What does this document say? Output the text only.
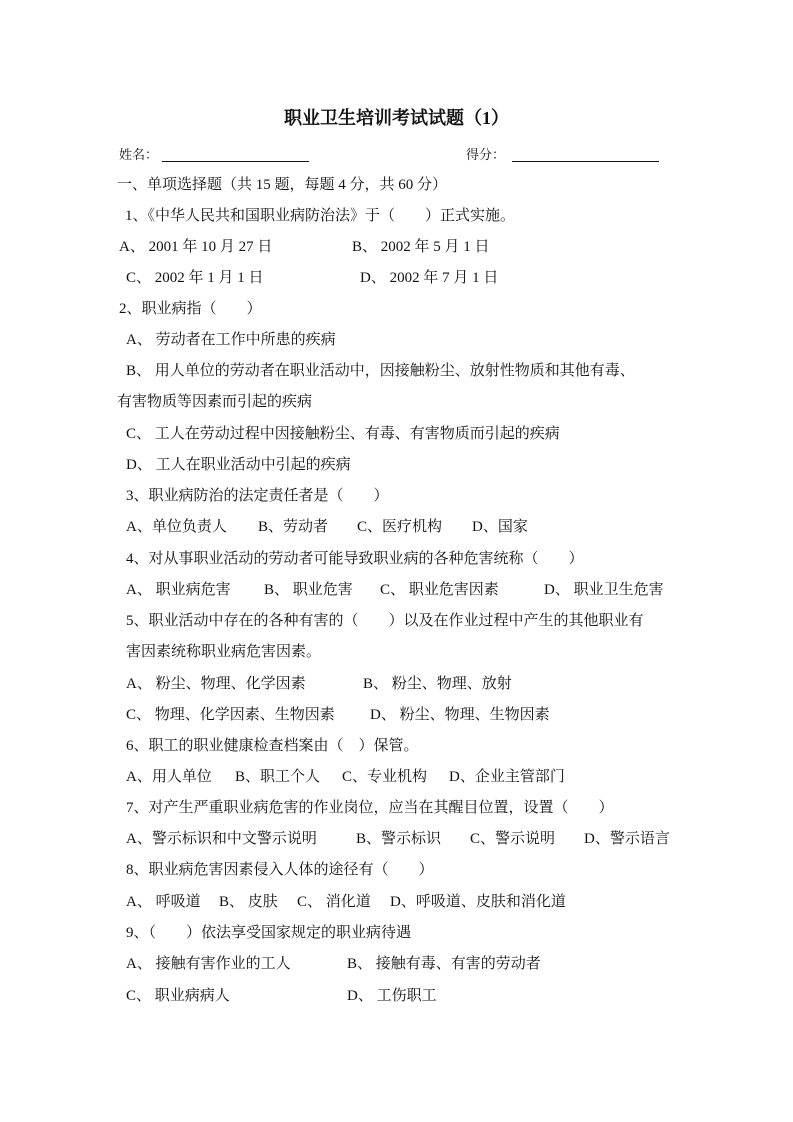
职业卫生培训考试试题（1）
姓名：	得分：
一、单项选择题（共 15 题，每题 4 分，共 60 分）
1、《中华人民共和国职业病防治法》于（　　）正式实施。
A、 2001 年 10 月 27 日	B、 2002 年 5 月 1 日
C、 2002 年 1 月 1 日	D、 2002 年 7 月 1 日
2、职业病指（　　）
A、 劳动者在工作中所患的疾病
B、 用人单位的劳动者在职业活动中，因接触粉尘、放射性物质和其他有毒、
有害物质等因素而引起的疾病
C、 工人在劳动过程中因接触粉尘、有毒、有害物质而引起的疾病
D、 工人在职业活动中引起的疾病
3、职业病防治的法定责任者是（　　）
A、单位负责人 B、劳动者 C、医疗机构 D、国家
4、对从事职业活动的劳动者可能导致职业病的各种危害统称（　　）
A、 职业病危害 B、 职业危害 C、 职业危害因素	D、 职业卫生危害
5、职业活动中存在的各种有害的（　　）以及在作业过程中产生的其他职业有
害因素统称职业病危害因素。
A、 粉尘、物理、化学因素	B、 粉尘、物理、放射
C、 物理、化学因素、生物因素 D、 粉尘、物理、生物因素
6、职工的职业健康检查档案由（　）保管。
A、用人单位 B、职工个人 C、专业机构 D、企业主管部门
7、对产生严重职业病危害的作业岗位，应当在其醒目位置，设置（　　）
A、警示标识和中文警示说明	B、警示标识 C、警示说明 D、警示语言
8、职业病危害因素侵入人体的途径有（　　）
A、 呼吸道 B、 皮肤 C、 消化道 D、呼吸道、皮肤和消化道
9、（　　）依法享受国家规定的职业病待遇
A、 接触有害作业的工人	B、 接触有毒、有害的劳动者
C、 职业病病人	D、 工伤职工
